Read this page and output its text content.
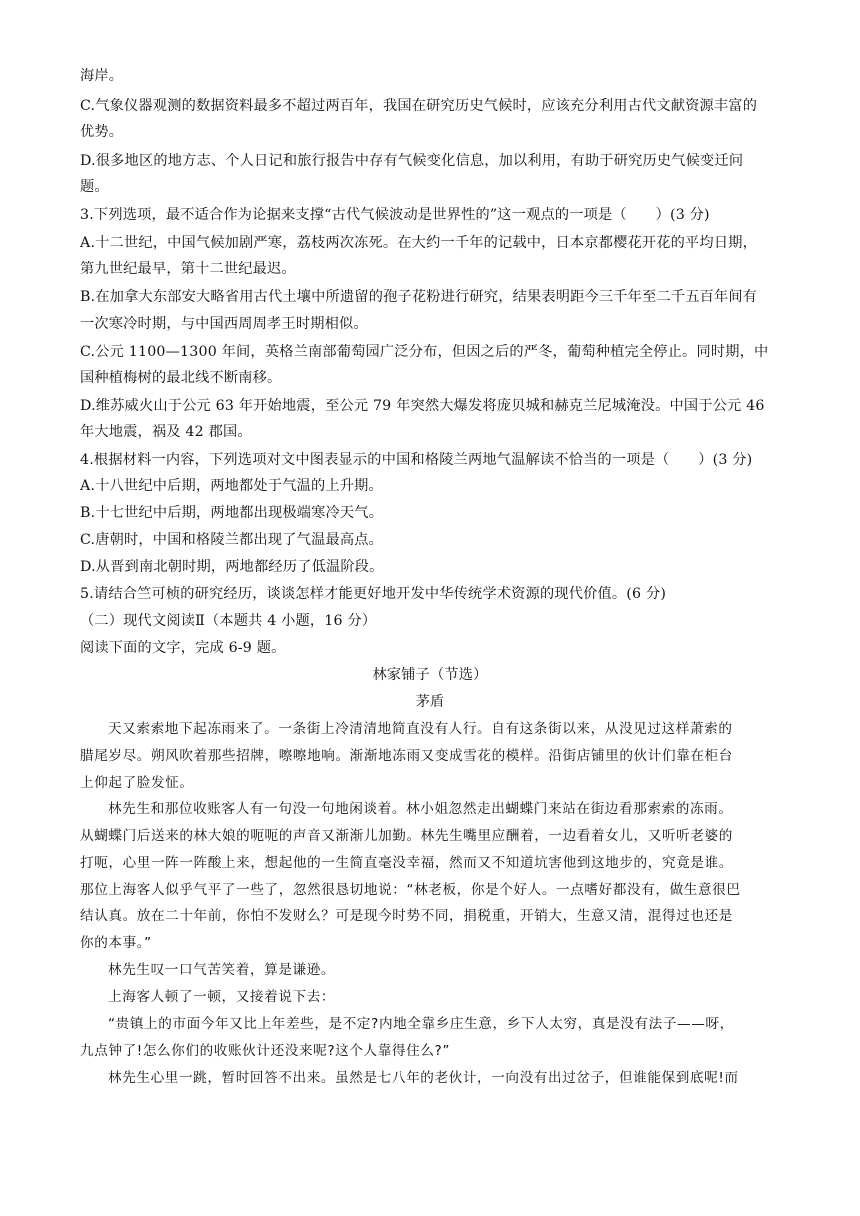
海岸。
C.气象仪器观测的数据资料最多不超过两百年，我国在研究历史气候时，应该充分利用古代文献资源丰富的
优势。
D.很多地区的地方志、个人日记和旅行报告中存有气候变化信息，加以利用，有助于研究历史气候变迁问
题。
3.下列选项，最不适合作为论据来支撑“古代气候波动是世界性的”这一观点的一项是（　　）(3 分)
A.十二世纪，中国气候加剧严寒，荔枝两次冻死。在大约一千年的记载中，日本京都樱花开花的平均日期，
第九世纪最早，第十二世纪最迟。
B.在加拿大东部安大略省用古代土壤中所遗留的孢子花粉进行研究，结果表明距今三千年至二千五百年间有
一次寒冷时期，与中国西周周孝王时期相似。
C.公元 1100—1300 年间，英格兰南部葡萄园广泛分布，但因之后的严冬，葡萄种植完全停止。同时期，中
国种植梅树的最北线不断南移。
D.维苏威火山于公元 63 年开始地震，至公元 79 年突然大爆发将庞贝城和赫克兰尼城淹没。中国于公元 46
年大地震，祸及 42 郡国。
4.根据材料一内容，下列选项对文中图表显示的中国和格陵兰两地气温解读不恰当的一项是（　　）(3 分)
A.十八世纪中后期，两地都处于气温的上升期。
B.十七世纪中后期，两地都出现极端寒冷天气。
C.唐朝时，中国和格陵兰都出现了气温最高点。
D.从晋到南北朝时期，两地都经历了低温阶段。
5.请结合竺可桢的研究经历，谈谈怎样才能更好地开发中华传统学术资源的现代价值。(6 分)
（二）现代文阅读Ⅱ（本题共 4 小题，16 分）
阅读下面的文字，完成 6-9 题。
林家铺子（节选）
茅盾
天又索索地下起冻雨来了。一条街上冷清清地简直没有人行。自有这条街以来，从没见过这样萧索的
腊尾岁尽。朔风吹着那些招牌，嚓嚓地响。渐渐地冻雨又变成雪花的模样。沿街店铺里的伙计们靠在柜台
上仰起了脸发怔。
林先生和那位收账客人有一句没一句地闲谈着。林小姐忽然走出蝴蝶门来站在街边看那索索的冻雨。
从蝴蝶门后送来的林大娘的呃呃的声音又渐渐儿加勤。林先生嘴里应酬着，一边看着女儿，又听听老婆的
打呃，心里一阵一阵酸上来，想起他的一生简直毫没幸福，然而又不知道坑害他到这地步的，究竟是谁。
那位上海客人似乎气平了一些了，忽然很恳切地说：“林老板，你是个好人。一点嗜好都没有，做生意很巴
结认真。放在二十年前，你怕不发财么？可是现今时势不同，捐税重，开销大，生意又清，混得过也还是
你的本事。”
林先生叹一口气苦笑着，算是谦逊。
上海客人顿了一顿，又接着说下去：
“贵镇上的市面今年又比上年差些，是不定?内地全靠乡庄生意，乡下人太穷，真是没有法子——呀，
九点钟了!怎么你们的收账伙计还没来呢?这个人靠得住么?”
林先生心里一跳，暂时回答不出来。虽然是七八年的老伙计，一向没有出过岔子，但谁能保到底呢!而
